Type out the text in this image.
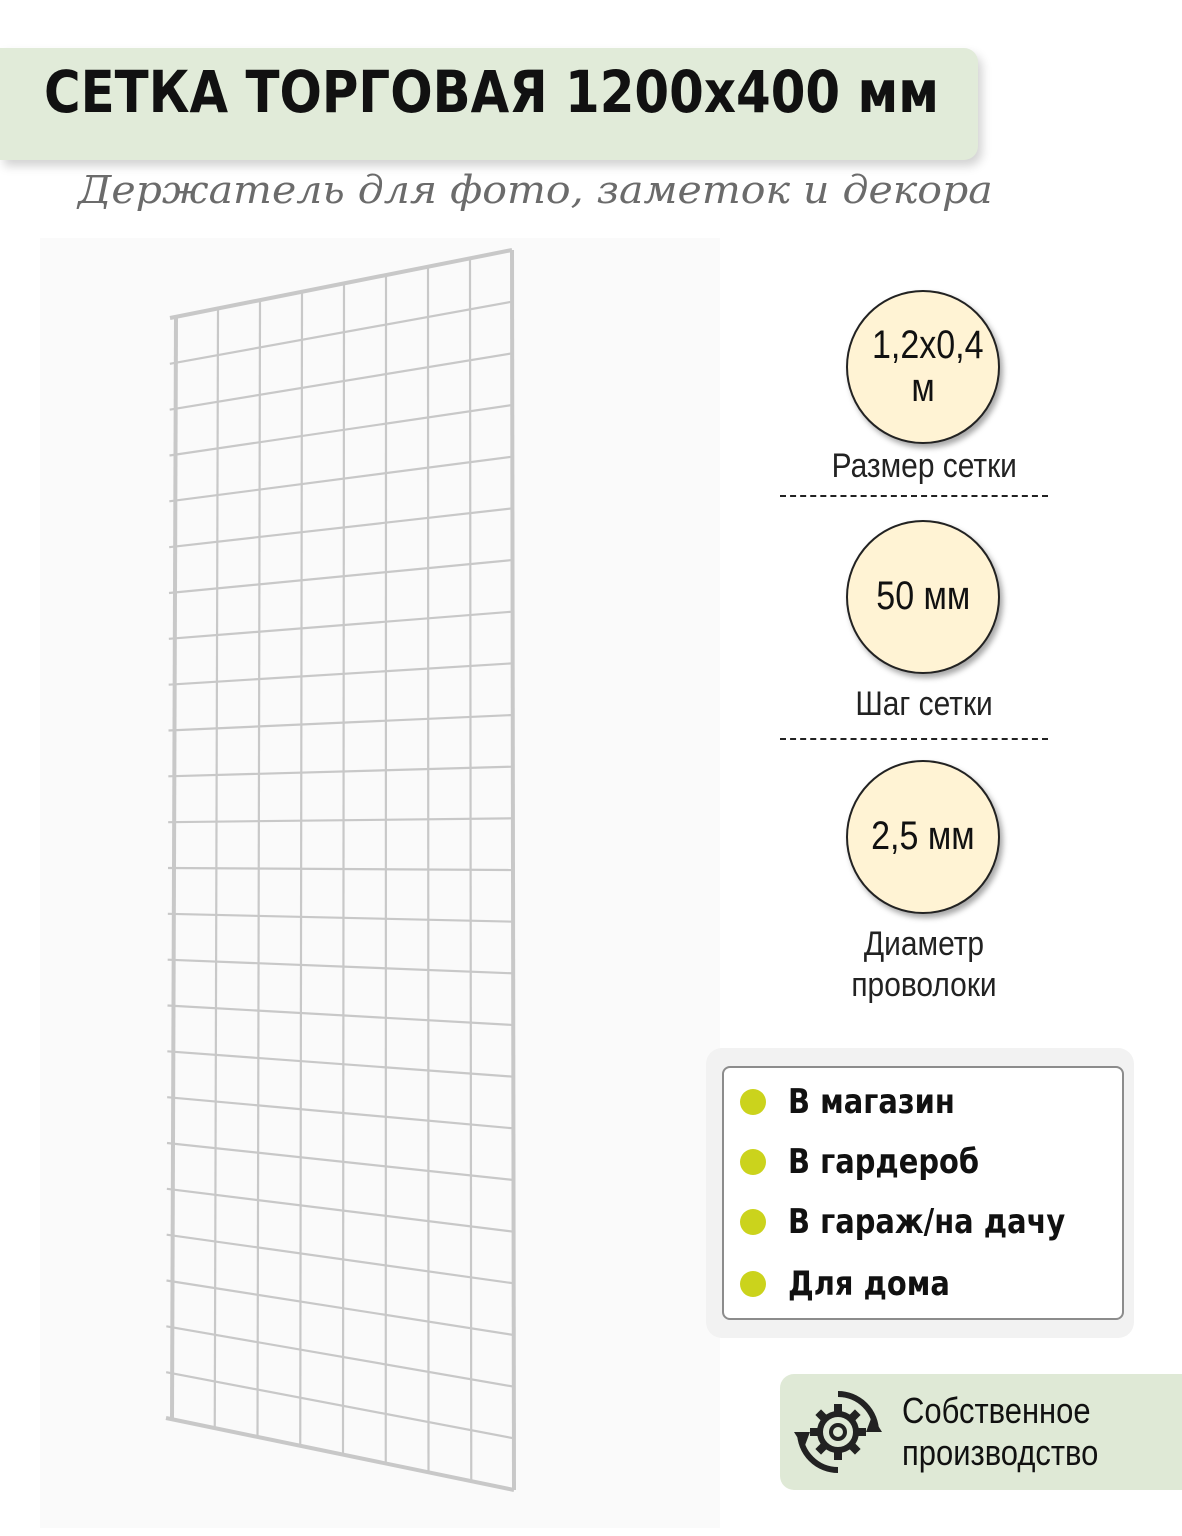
СЕТКА ТОРГОВАЯ 1200х400 мм
Держатель для фото, заметок и декора
1,2х0,4 м
Размер сетки
50 мм
Шаг сетки
2,5 мм
Диаметр проволоки
В магазин
В гардероб
В гараж/на дачу
Для дома
Собственное
производство
